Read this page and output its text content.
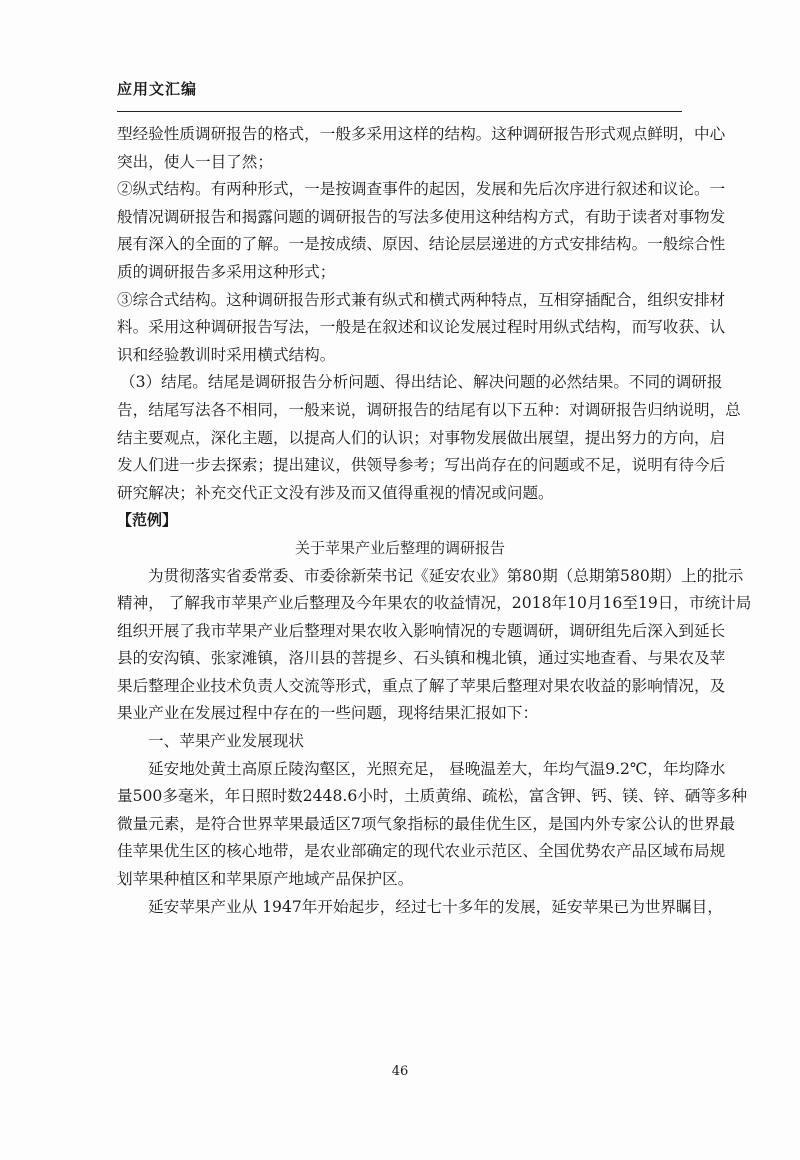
应用文汇编
型经验性质调研报告的格式，一般多采用这样的结构。这种调研报告形式观点鲜明，中心
突出，使人一目了然；
②纵式结构。有两种形式，一是按调查事件的起因，发展和先后次序进行叙述和议论。一
般情况调研报告和揭露问题的调研报告的写法多使用这种结构方式，有助于读者对事物发
展有深入的全面的了解。一是按成绩、原因、结论层层递进的方式安排结构。一般综合性
质的调研报告多采用这种形式；
③综合式结构。这种调研报告形式兼有纵式和横式两种特点，互相穿插配合，组织安排材
料。采用这种调研报告写法，一般是在叙述和议论发展过程时用纵式结构，而写收获、认
识和经验教训时采用横式结构。
（3）结尾。结尾是调研报告分析问题、得出结论、解决问题的必然结果。不同的调研报
告，结尾写法各不相同，一般来说，调研报告的结尾有以下五种：对调研报告归纳说明，总
结主要观点，深化主题，以提高人们的认识；对事物发展做出展望，提出努力的方向，启
发人们进一步去探索；提出建议，供领导参考；写出尚存在的问题或不足，说明有待今后
研究解决；补充交代正文没有涉及而又值得重视的情况或问题。
【范例】
关于苹果产业后整理的调研报告
为贯彻落实省委常委、市委徐新荣书记《延安农业》第80期（总期第580期）上的批示
精神， 了解我市苹果产业后整理及今年果农的收益情况，2018年10月16至19日，市统计局
组织开展了我市苹果产业后整理对果农收入影响情况的专题调研，调研组先后深入到延长
县的安沟镇、张家滩镇，洛川县的菩提乡、石头镇和槐北镇，通过实地查看、与果农及苹
果后整理企业技术负责人交流等形式，重点了解了苹果后整理对果农收益的影响情况，及
果业产业在发展过程中存在的一些问题，现将结果汇报如下：
一、苹果产业发展现状
延安地处黄土高原丘陵沟壑区，光照充足， 昼晚温差大，年均气温9.2℃，年均降水
量500多毫米，年日照时数2448.6小时，土质黄绵、疏松，富含钾、钙、镁、锌、硒等多种
微量元素，是符合世界苹果最适区7项气象指标的最佳优生区，是国内外专家公认的世界最
佳苹果优生区的核心地带，是农业部确定的现代农业示范区、全国优势农产品区域布局规
划苹果种植区和苹果原产地域产品保护区。
延安苹果产业从 1947年开始起步，经过七十多年的发展，延安苹果已为世界瞩目，
46
